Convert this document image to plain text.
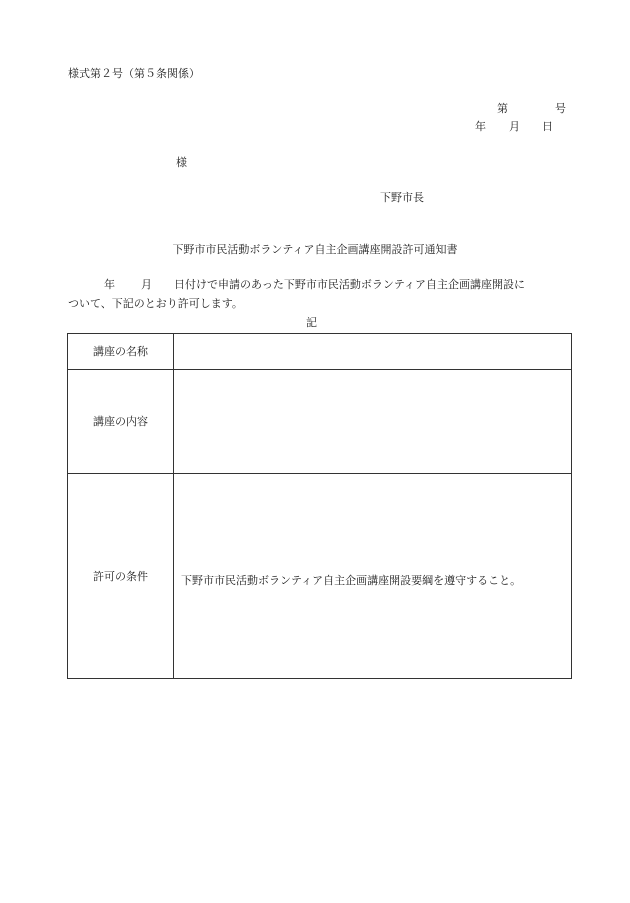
様式第２号（第５条関係）
第	号
年 月 日
様
下野市長
下野市市民活動ボランティア自主企画講座開設許可通知書
年 月 日付けで申請のあった下野市市民活動ボランティア自主企画講座開設に
ついて、下記のとおり許可します。
記
講座の名称	
講座の内容	
許可の条件	下野市市民活動ボランティア自主企画講座開設要綱を遵守すること。
